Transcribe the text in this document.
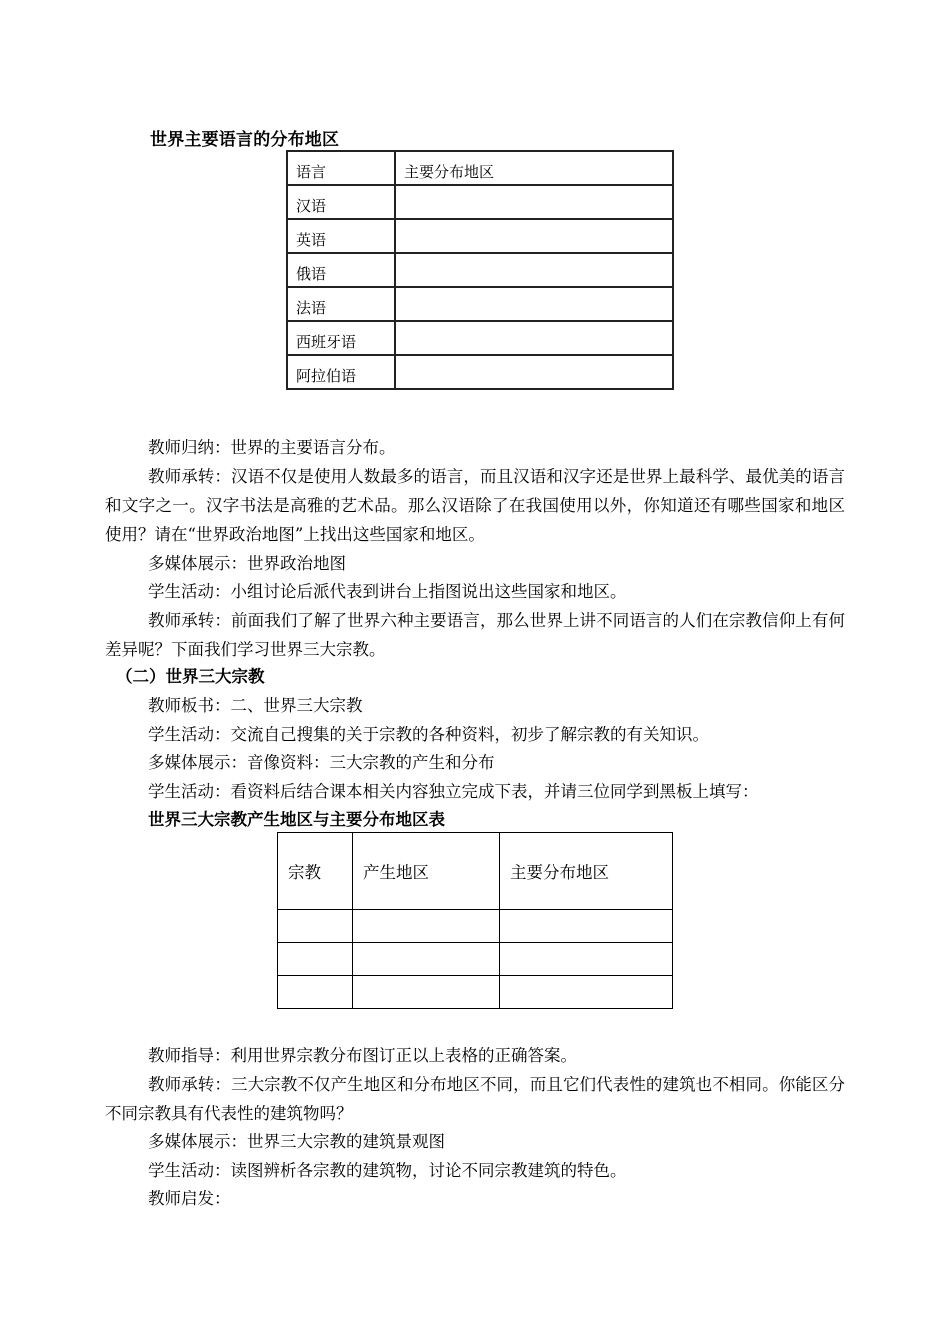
世界主要语言的分布地区
语言	主要分布地区
汉语	
英语	
俄语	
法语	
西班牙语	
阿拉伯语	

教师归纳：世界的主要语言分布。

教师承转：汉语不仅是使用人数最多的语言，而且汉语和汉字还是世界上最科学、最优美的语言和文字之一。汉字书法是高雅的艺术品。那么汉语除了在我国使用以外，你知道还有哪些国家和地区使用？请在“世界政治地图”上找出这些国家和地区。

多媒体展示：世界政治地图

学生活动：小组讨论后派代表到讲台上指图说出这些国家和地区。

教师承转：前面我们了解了世界六种主要语言，那么世界上讲不同语言的人们在宗教信仰上有何差异呢？下面我们学习世界三大宗教。

（二）世界三大宗教

教师板书：二、世界三大宗教

学生活动：交流自己搜集的关于宗教的各种资料，初步了解宗教的有关知识。

多媒体展示：音像资料：三大宗教的产生和分布

学生活动：看资料后结合课本相关内容独立完成下表，并请三位同学到黑板上填写：

世界三大宗教产生地区与主要分布地区表
宗教	产生地区	主要分布地区

教师指导：利用世界宗教分布图订正以上表格的正确答案。

教师承转：三大宗教不仅产生地区和分布地区不同，而且它们代表性的建筑也不相同。你能区分不同宗教具有代表性的建筑物吗？

多媒体展示：世界三大宗教的建筑景观图

学生活动：读图辨析各宗教的建筑物，讨论不同宗教建筑的特色。

教师启发：
